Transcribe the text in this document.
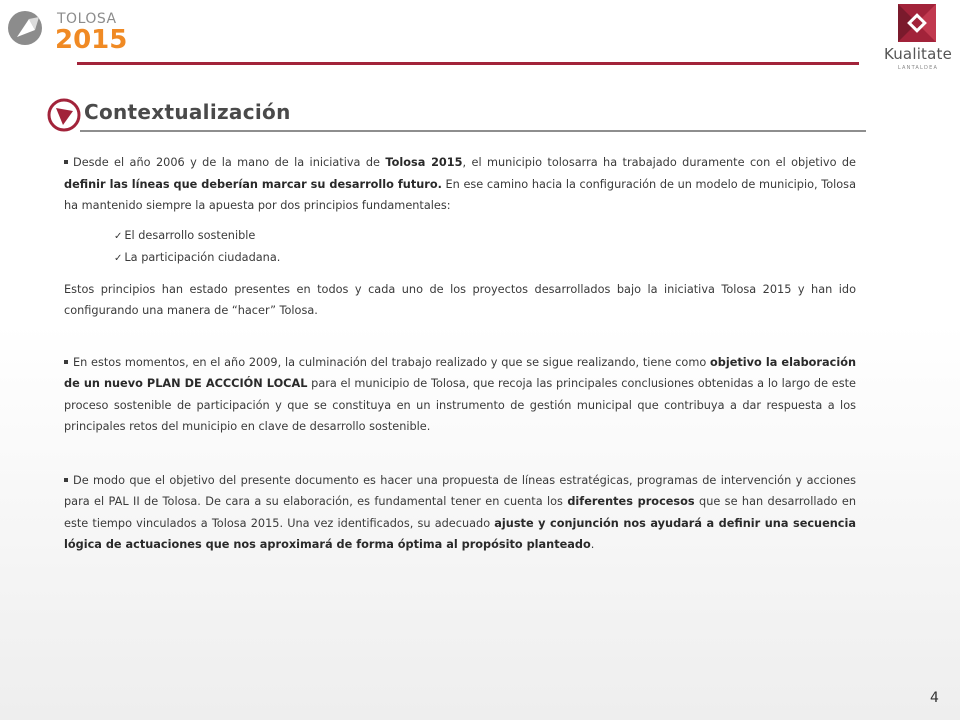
TOLOSA
2015	Kualitate
LANTALDEA
Contextualización

Desde el año 2006 y de la mano de la iniciativa de Tolosa 2015, el municipio tolosarra ha trabajado duramente con el objetivo de definir las líneas que deberían marcar su desarrollo futuro. En ese camino hacia la configuración de un modelo de municipio, Tolosa ha mantenido siempre la apuesta por dos principios fundamentales:

✓ El desarrollo sostenible
✓ La participación ciudadana.

Estos principios han estado presentes en todos y cada uno de los proyectos desarrollados bajo la iniciativa Tolosa 2015 y han ido configurando una manera de “hacer” Tolosa.

En estos momentos, en el año 2009, la culminación del trabajo realizado y que se sigue realizando, tiene como objetivo la elaboración de un nuevo PLAN DE ACCCIÓN LOCAL para el municipio de Tolosa, que recoja las principales conclusiones obtenidas a lo largo de este proceso sostenible de participación y que se constituya en un instrumento de gestión municipal que contribuya a dar respuesta a los principales retos del municipio en clave de desarrollo sostenible.

De modo que el objetivo del presente documento es hacer una propuesta de líneas estratégicas, programas de intervención y acciones para el PAL II de Tolosa. De cara a su elaboración, es fundamental tener en cuenta los diferentes procesos que se han desarrollado en este tiempo vinculados a Tolosa 2015. Una vez identificados, su adecuado ajuste y conjunción nos ayudará a definir una secuencia lógica de actuaciones que nos aproximará de forma óptima al propósito planteado.

4
